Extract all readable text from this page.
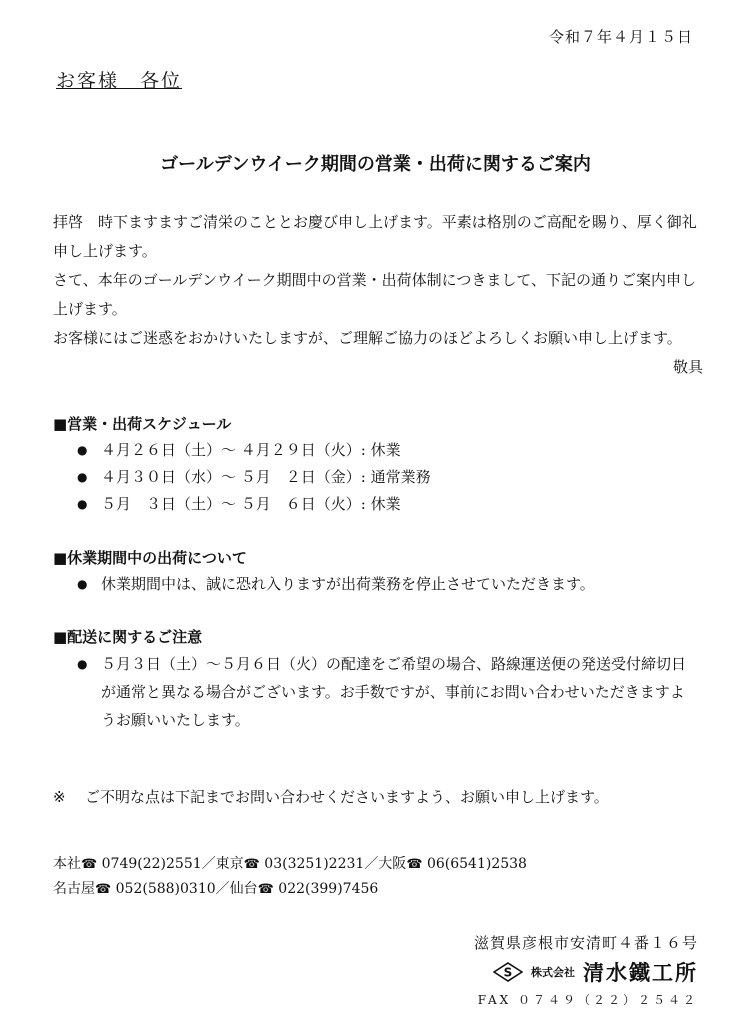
令和７年４月１５日
お客様　各位
ゴールデンウイーク期間の営業・出荷に関するご案内

拝啓　時下ますますご清栄のこととお慶び申し上げます。平素は格別のご高配を賜り、厚く御礼申し上げます。

さて、本年のゴールデンウイーク期間中の営業・出荷体制につきまして、下記の通りご案内申し上げます。

お客様にはご迷惑をおかけいたしますが、ご理解ご協力のほどよろしくお願い申し上げます。

敬具

■営業・出荷スケジュール
● ４月２６日（土）～ ４月２９日（火）: 休業
● ４月３０日（水）～ ５月　２日（金）: 通常業務
● ５月　３日（土）～ ５月　６日（火）: 休業
■休業期間中の出荷について
● 休業期間中は、誠に恐れ入りますが出荷業務を停止させていただきます。
■配送に関するご注意
● ５月３日（土）～５月６日（火）の配達をご希望の場合、路線運送便の発送受付締切日が通常と異なる場合がございます。お手数ですが、事前にお問い合わせいただきますようお願いいたします。
※	ご不明な点は下記までお問い合わせくださいますよう、お願い申し上げます。
本社☎ 0749(22)2551／東京☎ 03(3251)2231／大阪☎ 06(6541)2538
名古屋☎ 052(588)0310／仙台☎ 022(399)7456
滋賀県彦根市安清町４番１６号
S 株式会社 清水鐵工所
FAX ０７４９（２２）２５４２
